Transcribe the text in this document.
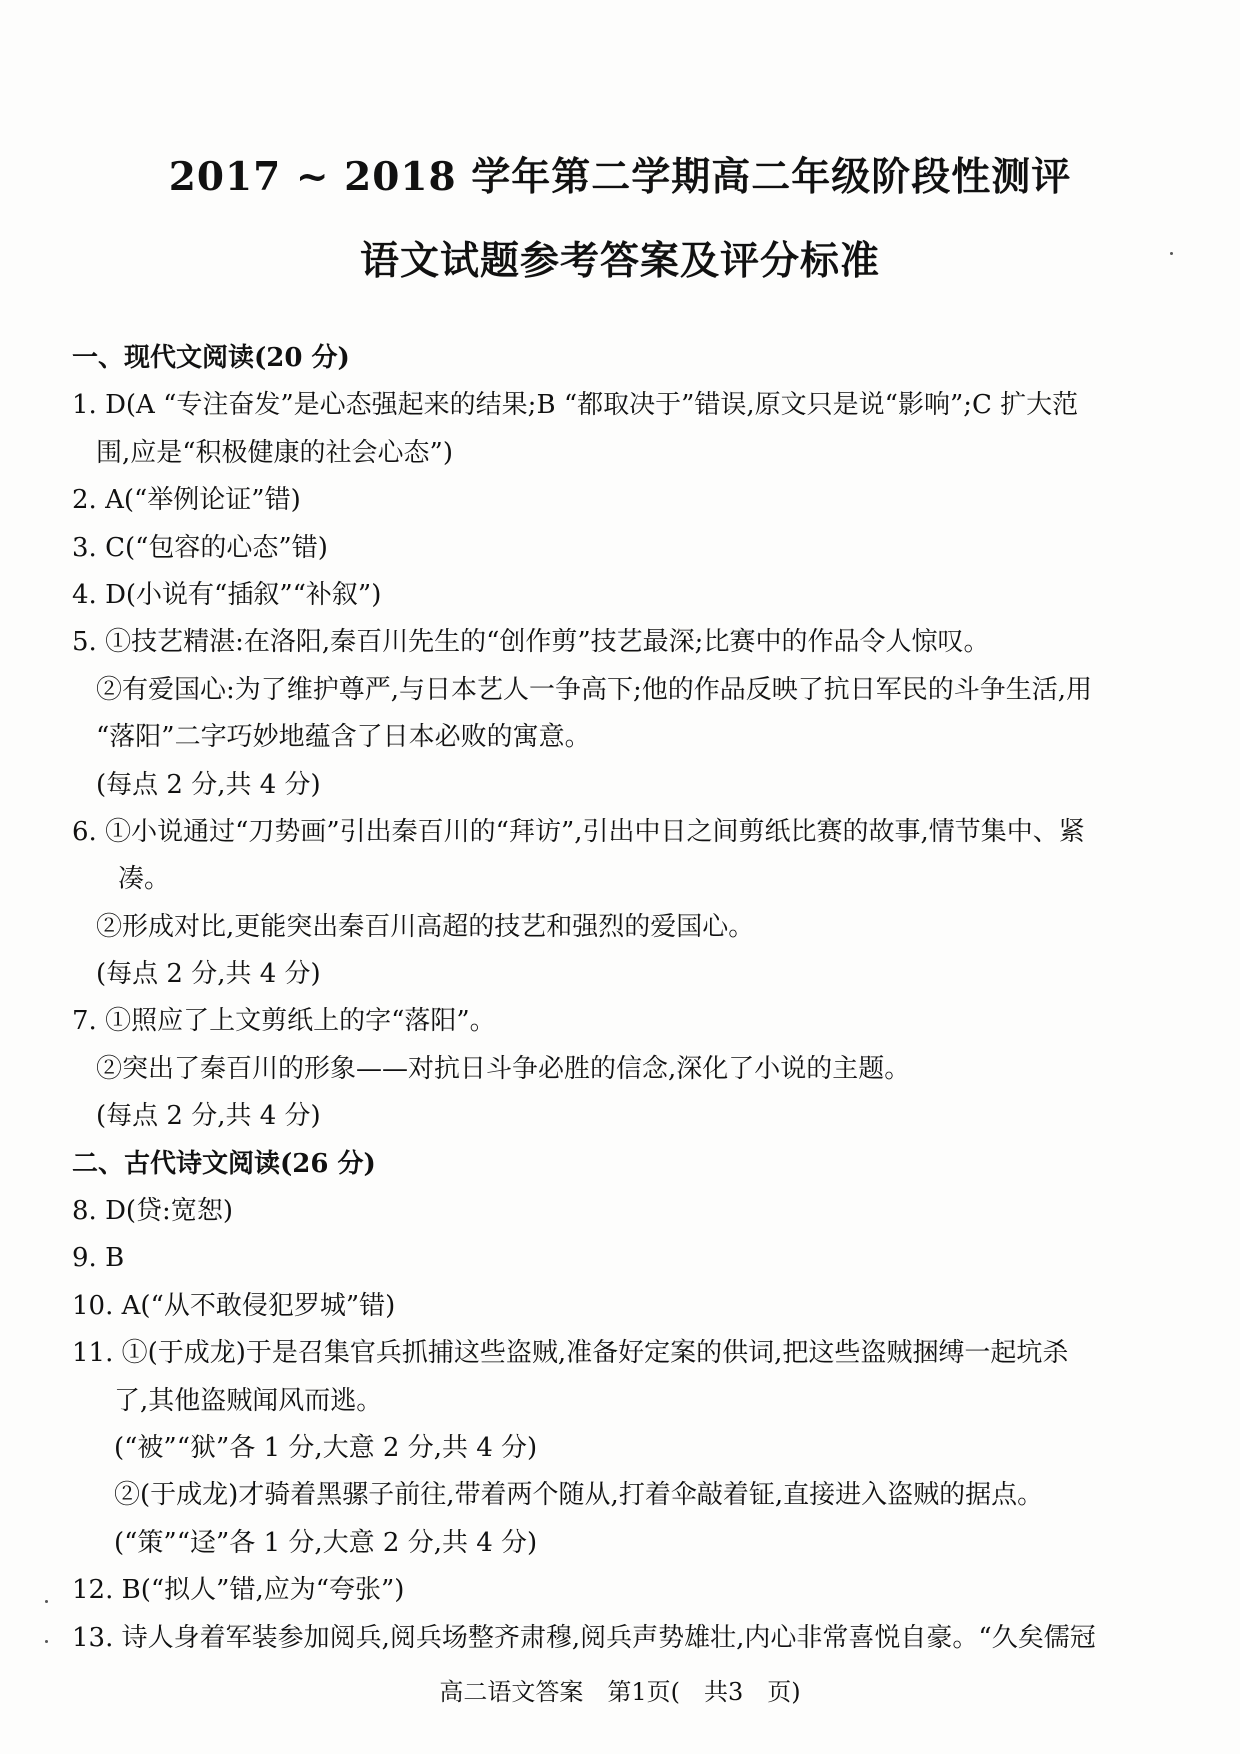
2017 ~ 2018 学年第二学期高二年级阶段性测评
语文试题参考答案及评分标准
一、现代文阅读(20 分)
1. D(A “专注奋发”是心态强起来的结果;B “都取决于”错误,原文只是说“影响”;C 扩大范
围,应是“积极健康的社会心态”)
2. A(“举例论证”错)
3. C(“包容的心态”错)
4. D(小说有“插叙”“补叙”)
5. ①技艺精湛:在洛阳,秦百川先生的“创作剪”技艺最深;比赛中的作品令人惊叹。
②有爱国心:为了维护尊严,与日本艺人一争高下;他的作品反映了抗日军民的斗争生活,用
“落阳”二字巧妙地蕴含了日本必败的寓意。
(每点 2 分,共 4 分)
6. ①小说通过“刀势画”引出秦百川的“拜访”,引出中日之间剪纸比赛的故事,情节集中、紧
凑。
②形成对比,更能突出秦百川高超的技艺和强烈的爱国心。
(每点 2 分,共 4 分)
7. ①照应了上文剪纸上的字“落阳”。
②突出了秦百川的形象——对抗日斗争必胜的信念,深化了小说的主题。
(每点 2 分,共 4 分)
二、古代诗文阅读(26 分)
8. D(贷:宽恕)
9. B
10. A(“从不敢侵犯罗城”错)
11. ①(于成龙)于是召集官兵抓捕这些盗贼,准备好定案的供词,把这些盗贼捆缚一起坑杀
了,其他盗贼闻风而逃。
(“被”“狱”各 1 分,大意 2 分,共 4 分)
②(于成龙)才骑着黑骡子前往,带着两个随从,打着伞敲着钲,直接进入盗贼的据点。
(“策”“迳”各 1 分,大意 2 分,共 4 分)
12. B(“拟人”错,应为“夸张”)
13. 诗人身着军装参加阅兵,阅兵场整齐肃穆,阅兵声势雄壮,内心非常喜悦自豪。“久矣儒冠
高二语文答案　第1页(　共3　页)
